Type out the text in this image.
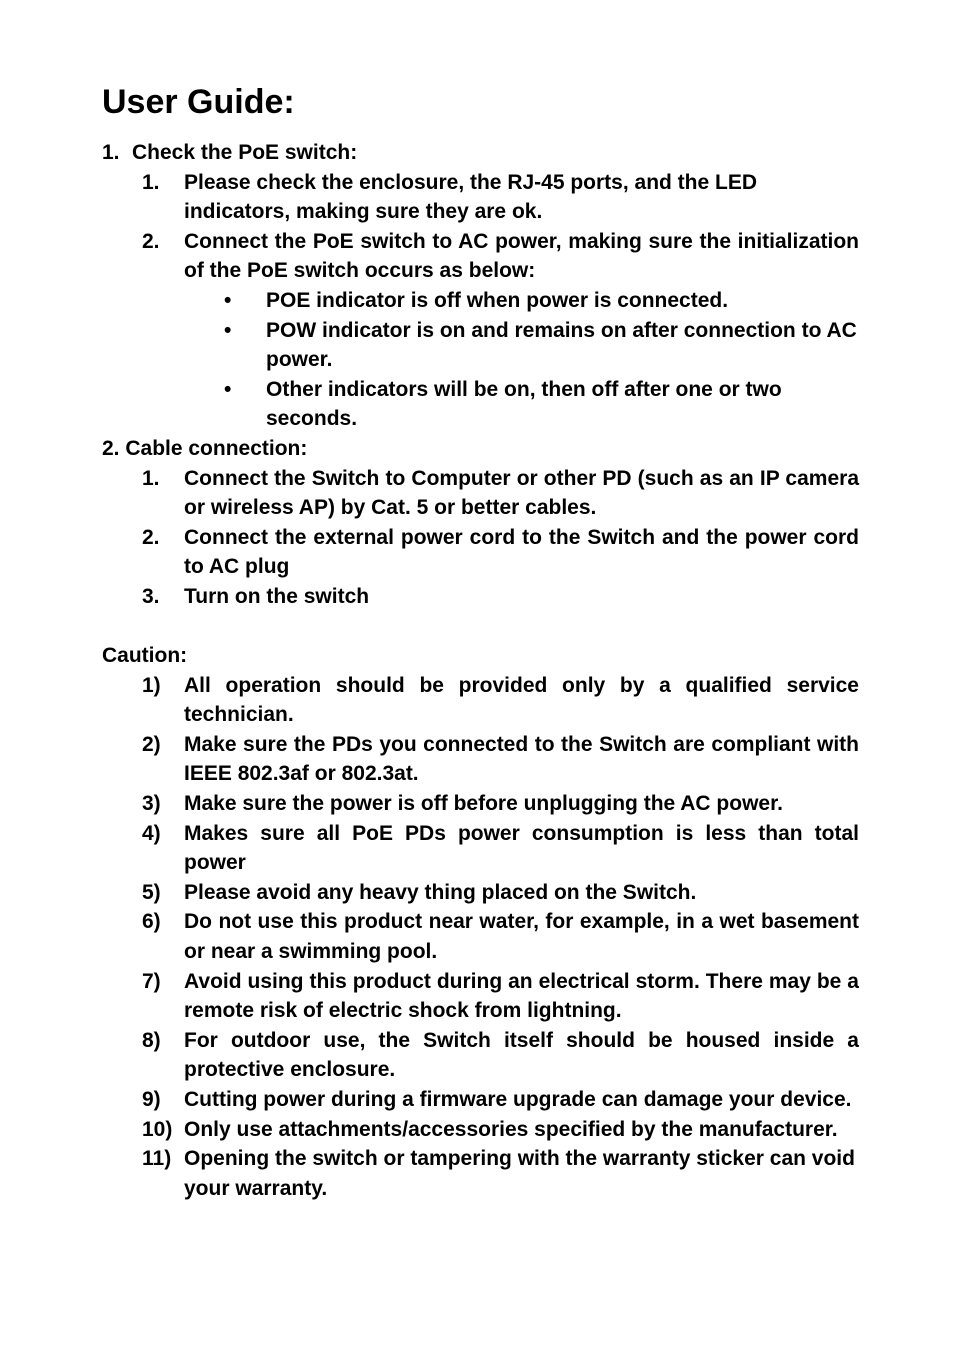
User Guide:

1. Check the PoE switch:

1. Please check the enclosure, the RJ-45 ports, and the LED indicators, making sure they are ok.

2. Connect the PoE switch to AC power, making sure the initialization of the PoE switch occurs as below:

• POE indicator is off when power is connected.

• POW indicator is on and remains on after connection to AC power.

• Other indicators will be on, then off after one or two seconds.

2. Cable connection:

1. Connect the Switch to Computer or other PD (such as an IP camera or wireless AP) by Cat. 5 or better cables.

2. Connect the external power cord to the Switch and the power cord to AC plug

3. Turn on the switch

Caution:

1) All operation should be provided only by a qualified service technician.

2) Make sure the PDs you connected to the Switch are compliant with IEEE 802.3af or 802.3at.

3) Make sure the power is off before unplugging the AC power.

4) Makes sure all PoE PDs power consumption is less than total power

5) Please avoid any heavy thing placed on the Switch.

6) Do not use this product near water, for example, in a wet basement or near a swimming pool.

7) Avoid using this product during an electrical storm. There may be a remote risk of electric shock from lightning.

8) For outdoor use, the Switch itself should be housed inside a protective enclosure.

9) Cutting power during a firmware upgrade can damage your device.

10) Only use attachments/accessories specified by the manufacturer.

11) Opening the switch or tampering with the warranty sticker can void your warranty.
